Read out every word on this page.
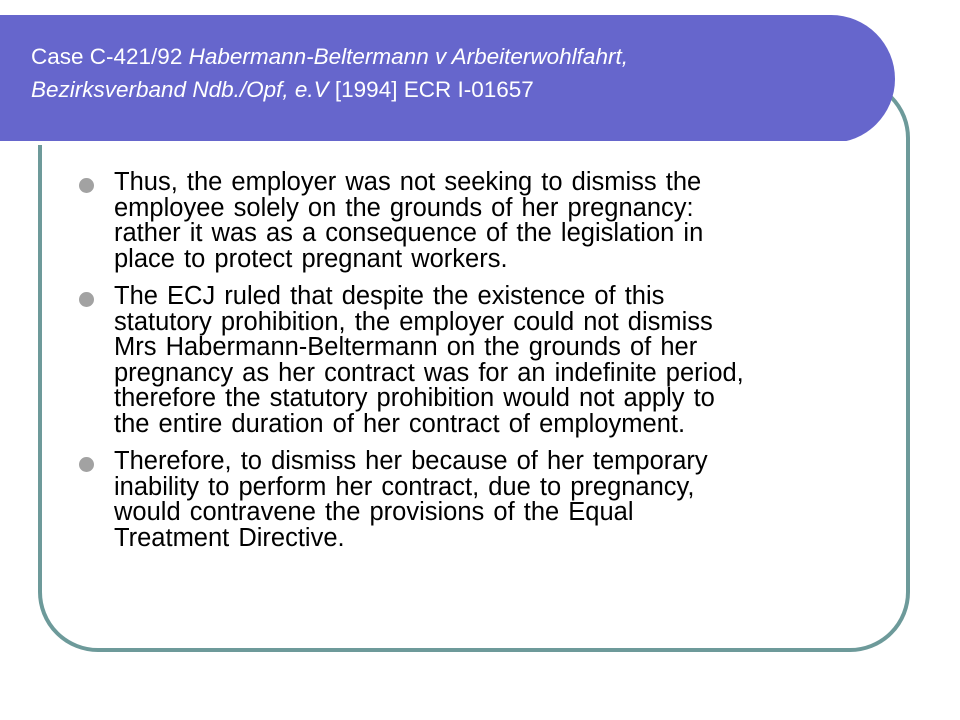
Case C-421/92 Habermann-Beltermann v Arbeiterwohlfahrt,
Bezirksverband Ndb./Opf, e.V [1994] ECR I-01657
Thus, the employer was not seeking to dismiss the
employee solely on the grounds of her pregnancy:
rather it was as a consequence of the legislation in
place to protect pregnant workers.
The ECJ ruled that despite the existence of this
statutory prohibition, the employer could not dismiss
Mrs Habermann-Beltermann on the grounds of her
pregnancy as her contract was for an indefinite period,
therefore the statutory prohibition would not apply to
the entire duration of her contract of employment.
Therefore, to dismiss her because of her temporary
inability to perform her contract, due to pregnancy,
would contravene the provisions of the Equal
Treatment Directive.
